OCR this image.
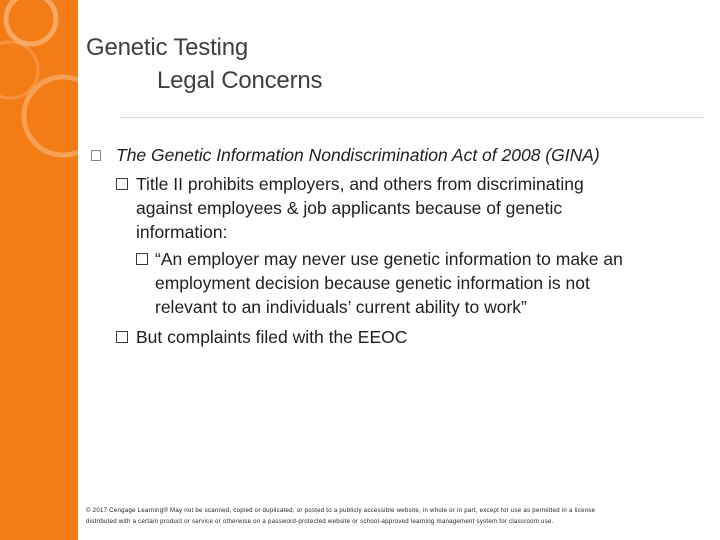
Genetic Testing
Legal Concerns
The Genetic Information Nondiscrimination Act of 2008 (GINA)
Title II prohibits employers, and others from discriminating
against employees & job applicants because of genetic
information:
“An employer may never use genetic information to make an
employment decision because genetic information is not
relevant to an individuals’ current ability to work”
But complaints filed with the EEOC
© 2017 Cengage Learning® May not be scanned, copied or duplicated, or posted to a publicly accessible website, in whole or in part, except for use as permitted in a license
distributed with a certain product or service or otherwise on a password-protected website or school-approved learning management system for classroom use.
